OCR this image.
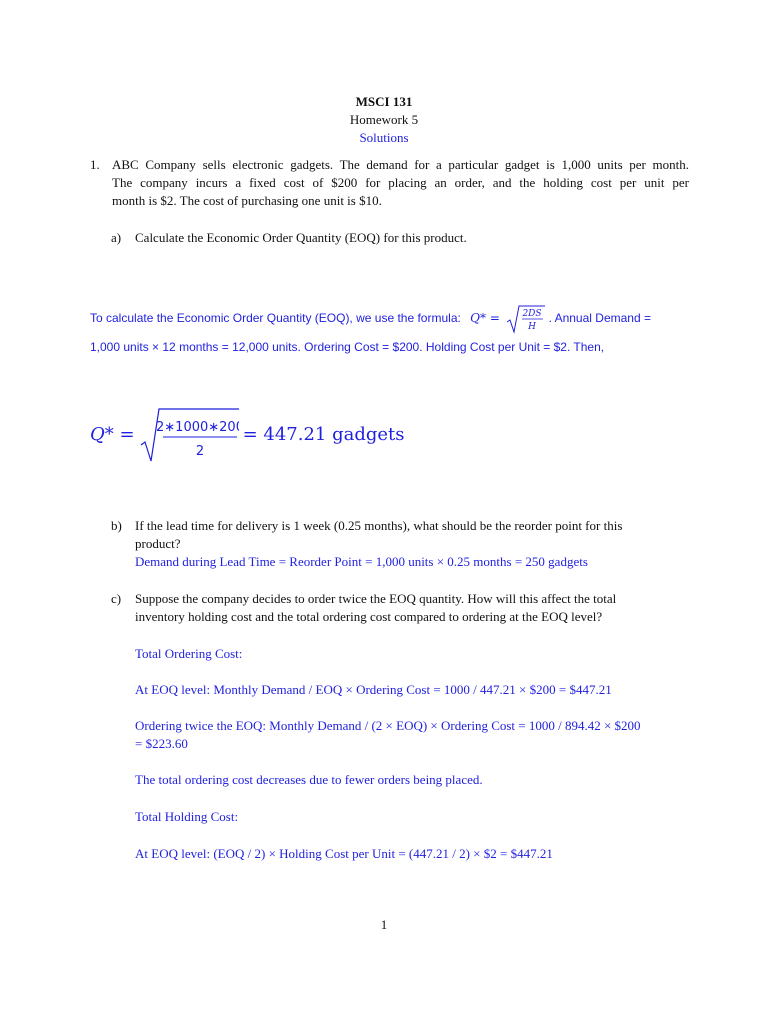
MSCI 131
Homework 5
Solutions
1. ABC Company sells electronic gadgets. The demand for a particular gadget is 1,000 units per month.
The company incurs a fixed cost of $200 for placing an order, and the holding cost per unit per
month is $2. The cost of purchasing one unit is $10.
a) Calculate the Economic Order Quantity (EOQ) for this product.
To calculate the Economic Order Quantity (EOQ), we use the formula: Q* =	2DS
H
. Annual Demand =
1,000 units × 12 months = 12,000 units. Ordering Cost = $200. Holding Cost per Unit = $2. Then,
Q* = 2∗1000∗200
2
= 447.21 gadgets
b) If the lead time for delivery is 1 week (0.25 months), what should be the reorder point for this
product?
Demand during Lead Time = Reorder Point = 1,000 units × 0.25 months = 250 gadgets
c) Suppose the company decides to order twice the EOQ quantity. How will this affect the total
inventory holding cost and the total ordering cost compared to ordering at the EOQ level?
Total Ordering Cost:
At EOQ level: Monthly Demand / EOQ × Ordering Cost = 1000 / 447.21 × $200 = $447.21
Ordering twice the EOQ: Monthly Demand / (2 × EOQ) × Ordering Cost = 1000 / 894.42 × $200
= $223.60
The total ordering cost decreases due to fewer orders being placed.
Total Holding Cost:
At EOQ level: (EOQ / 2) × Holding Cost per Unit = (447.21 / 2) × $2 = $447.21
1
